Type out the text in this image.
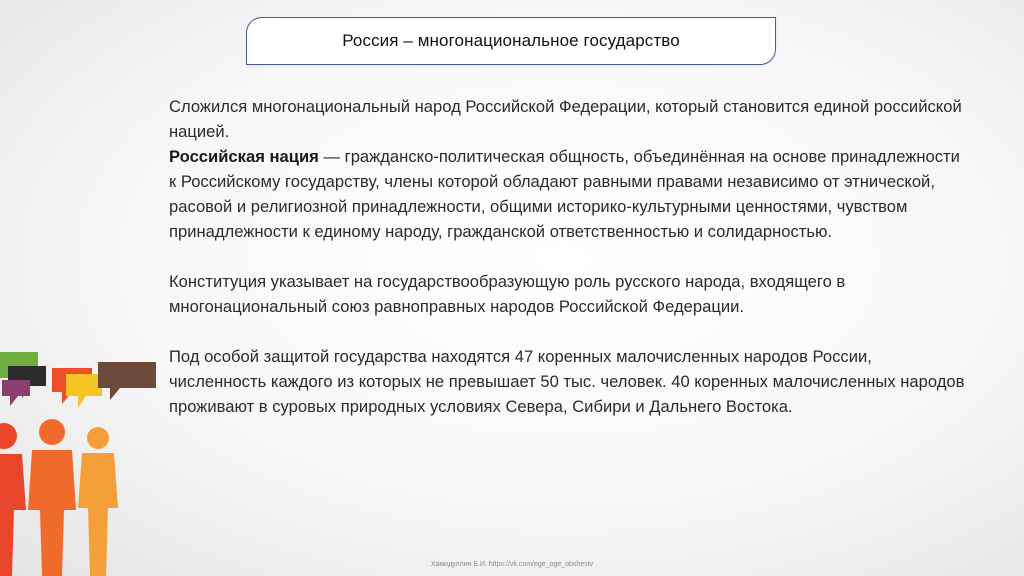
Россия – многонациональное государство

Сложился многонациональный народ Российской Федерации, который становится единой российской нацией.

Российская нация — гражданско-политическая общность, объединённая на основе принадлежности к Российскому государству, члены которой обладают равными правами независимо от этнической, расовой и религиозной принадлежности, общими историко-культурными ценностями, чувством принадлежности к единому народу, гражданской ответственностью и солидарностью.

Конституция указывает на государствообразующую роль русского народа, входящего в многонациональный союз равноправных народов Российской Федерации.

Под особой защитой государства находятся 47 коренных малочисленных народов России, численность каждого из которых не превышает 50 тыс. человек. 40 коренных малочисленных народов проживают в суровых природных условиях Севера, Сибири и Дальнего Востока.

Хамидуллин Б.И. https://vk.com/ege_oge_obshestv
